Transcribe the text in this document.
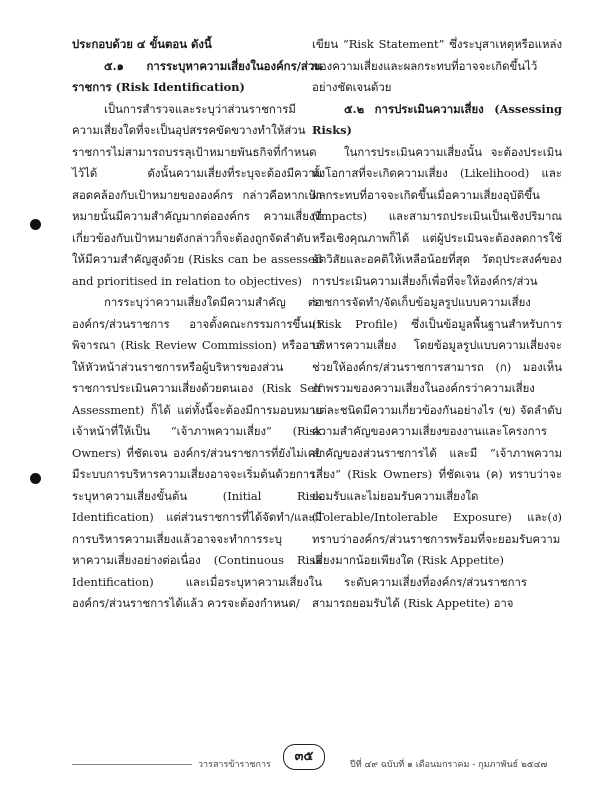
ประกอบด้วย ๔ ขั้นตอน ดังนี้

๕.๑ การระบุหาความเสี่ยงในองค์กร/ส่วนราชการ (Risk Identification)

เป็นการสำรวจและระบุว่าส่วนราชการมีความเสี่ยงใดที่จะเป็นอุปสรรคขัดขวางทำให้ส่วนราชการไม่สามารถบรรลุเป้าหมายพันธกิจที่กำหนดไว้ได้ ดังนั้นความเสี่ยงที่ระบุจะต้องมีความสอดคล้องกับเป้าหมายขององค์กร กล่าวคือหากเป้าหมายนั้นมีความสำคัญมากต่อองค์กร ความเสี่ยงที่เกี่ยวข้องกับเป้าหมายดังกล่าวก็จะต้องถูกจัดลำดับให้มีความสำคัญสูงด้วย (Risks can be assessed and prioritised in relation to objectives)

การระบุว่าความเสี่ยงใดมีความสำคัญ ต่อองค์กร/ส่วนราชการ อาจตั้งคณะกรรมการขึ้นมาพิจารณา (Risk Review Commission) หรืออาจให้หัวหน้าส่วนราชการหรือผู้บริหารของส่วนราชการประเมินความเสี่ยงด้วยตนเอง (Risk Self Assessment) ก็ได้ แต่ทั้งนี้จะต้องมีการมอบหมายเจ้าหน้าที่ให้เป็น “เจ้าภาพความเสี่ยง” (Risk Owners) ที่ชัดเจน องค์กร/ส่วนราชการที่ยังไม่เคยมีระบบการบริหารความเสี่ยงอาจจะเริ่มต้นด้วยการระบุหาความเสี่ยงขั้นต้น (Initial Risk Identification) แต่ส่วนราชการที่ได้จัดทำ/และมีการบริหารความเสี่ยงแล้วอาจจะทำการระบุหาความเสี่ยงอย่างต่อเนื่อง (Continuous Risk Identification) และเมื่อระบุหาความเสี่ยงในองค์กร/ส่วนราชการได้แล้ว ควรจะต้องกำหนด/

เขียน “Risk Statement” ซึ่งระบุสาเหตุหรือแหล่งของความเสี่ยงและผลกระทบที่อาจจะเกิดขึ้นไว้อย่างชัดเจนด้วย

๕.๒ การประเมินความเสี่ยง (Assessing Risks)

ในการประเมินความเสี่ยงนั้น จะต้องประเมินทั้งโอกาสที่จะเกิดความเสี่ยง (Likelihood) และผลกระทบที่อาจจะเกิดขึ้นเมื่อความเสี่ยงอุบัติขึ้น (Impacts) และสามารถประเมินเป็นเชิงปริมาณหรือเชิงคุณภาพก็ได้ แต่ผู้ประเมินจะต้องลดการใช้อัตวิสัยและอคติให้เหลือน้อยที่สุด วัตถุประสงค์ของการประเมินความเสี่ยงก็เพื่อที่จะให้องค์กร/ส่วนราชการจัดทำ/จัดเก็บข้อมูลรูปแบบความเสี่ยง (Risk Profile) ซึ่งเป็นข้อมูลพื้นฐานสำหรับการบริหารความเสี่ยง โดยข้อมูลรูปแบบความเสี่ยงจะช่วยให้องค์กร/ส่วนราชการสามารถ (ก) มองเห็นภาพรวมของความเสี่ยงในองค์กรว่าความเสี่ยงแต่ละชนิดมีความเกี่ยวข้องกันอย่างไร (ข) จัดลำดับความสำคัญของความเสี่ยงของงานและโครงการสำคัญของส่วนราชการได้ และมี “เจ้าภาพความเสี่ยง” (Risk Owners) ที่ชัดเจน (ค) ทราบว่าจะยอมรับและไม่ยอมรับความเสี่ยงใด (Tolerable/Intolerable Exposure) และ(ง) ทราบว่าองค์กร/ส่วนราชการพร้อมที่จะยอมรับความเสี่ยงมากน้อยเพียงใด (Risk Appetite)

ระดับความเสี่ยงที่องค์กร/ส่วนราชการสามารถยอมรับได้ (Risk Appetite) อาจ

วารสารข้าราชการ
๓๕
ปีที่ ๔๙ ฉบับที่ ๑ เดือนมกราคม - กุมภาพันธ์ ๒๕๔๗
